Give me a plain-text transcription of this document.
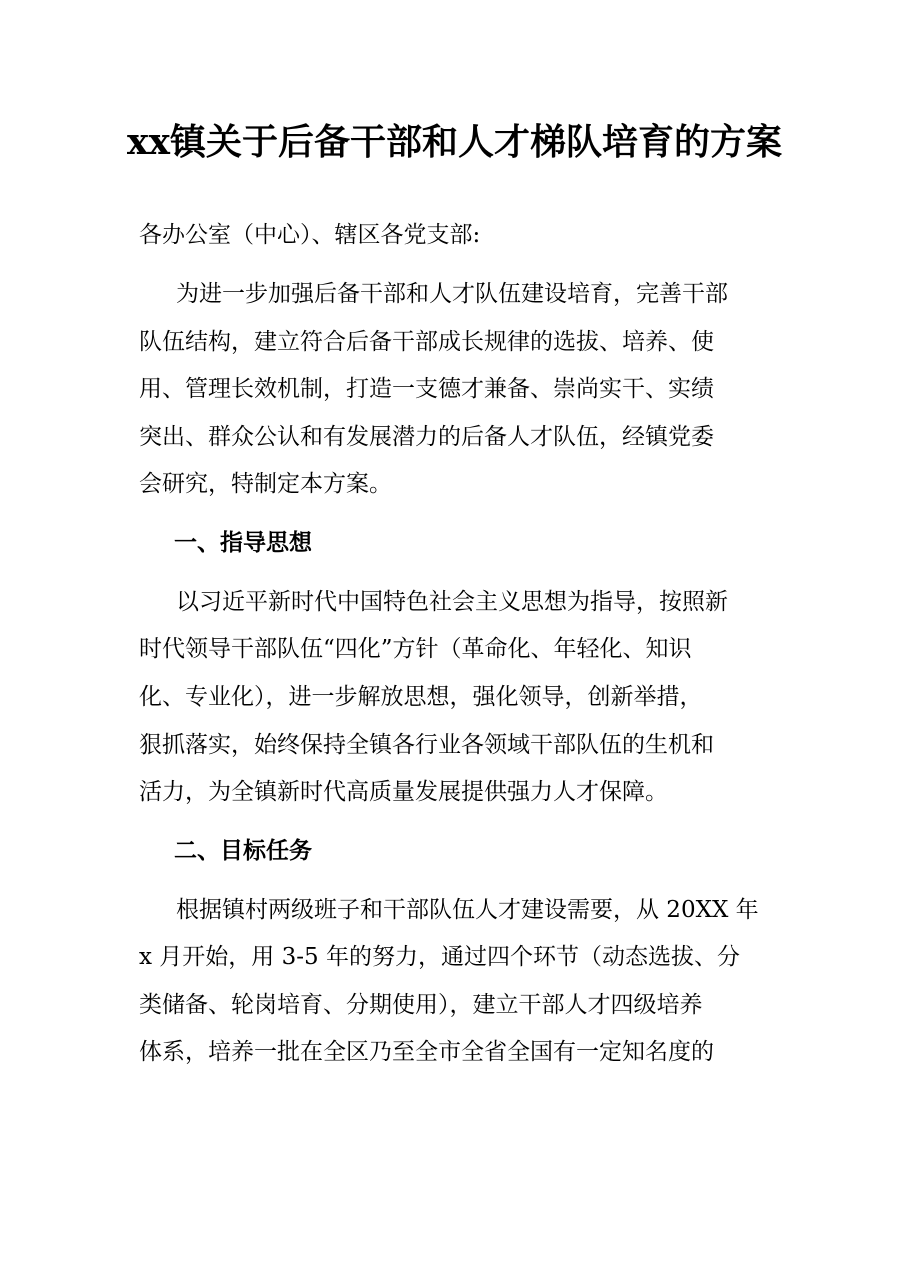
xx镇关于后备干部和人才梯队培育的方案

各办公室（中心）、辖区各党支部:

为进一步加强后备干部和人才队伍建设培育，完善干部

队伍结构，建立符合后备干部成长规律的选拔、培养、使

用、管理长效机制，打造一支德才兼备、崇尚实干、实绩

突出、群众公认和有发展潜力的后备人才队伍，经镇党委

会研究，特制定本方案。

一、指导思想

以习近平新时代中国特色社会主义思想为指导，按照新

时代领导干部队伍“四化”方针（革命化、年轻化、知识

化、专业化），进一步解放思想，强化领导，创新举措，

狠抓落实，始终保持全镇各行业各领域干部队伍的生机和

活力，为全镇新时代高质量发展提供强力人才保障。

二、目标任务

根据镇村两级班子和干部队伍人才建设需要，从 20XX 年

x 月开始，用 3-5 年的努力，通过四个环节（动态选拔、分

类储备、轮岗培育、分期使用），建立干部人才四级培养

体系，培养一批在全区乃至全市全省全国有一定知名度的
